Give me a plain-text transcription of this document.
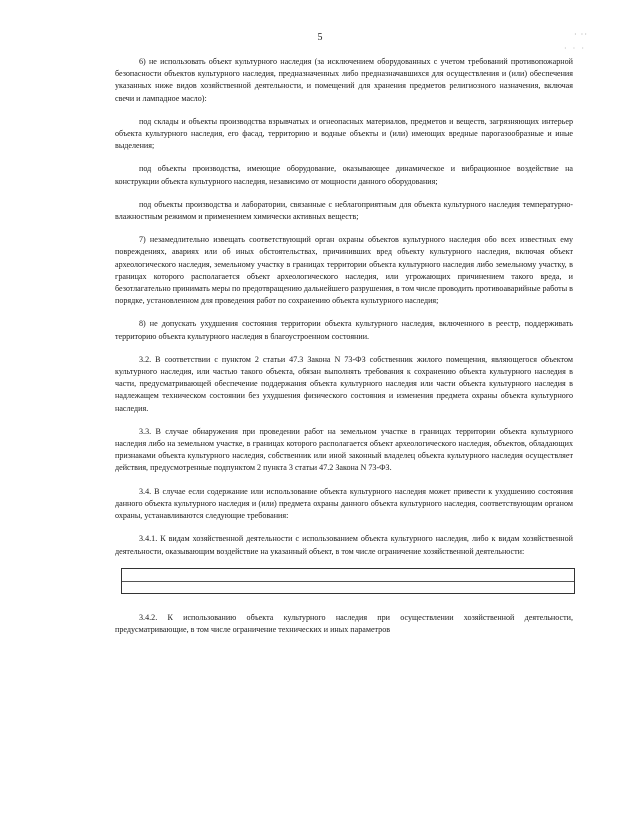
5	· ··
· · ·

6) не использовать объект культурного наследия (за исключением оборудованных с учетом требований противопожарной безопасности объектов культурного наследия, предназначенных либо предназначавшихся для осуществления и (или) обеспечения указанных ниже видов хозяйственной деятельности, и помещений для хранения предметов религиозного назначения, включая свечи и лампадное масло):

под склады и объекты производства взрывчатых и огнеопасных материалов, предметов и веществ, загрязняющих интерьер объекта культурного наследия, его фасад, территорию и водные объекты и (или) имеющих вредные парогазообразные и иные выделения;

под объекты производства, имеющие оборудование, оказывающее динамическое и вибрационное воздействие на конструкции объекта культурного наследия, независимо от мощности данного оборудования;

под объекты производства и лаборатории, связанные с неблагоприятным для объекта культурного наследия температурно-влажностным режимом и применением химически активных веществ;

7) незамедлительно извещать соответствующий орган охраны объектов культурного наследия обо всех известных ему повреждениях, авариях или об иных обстоятельствах, причинивших вред объекту культурного наследия, включая объект археологического наследия, земельному участку в границах территории объекта культурного наследия либо земельному участку, в границах которого располагается объект археологического наследия, или угрожающих причинением такого вреда, и безотлагательно принимать меры по предотвращению дальнейшего разрушения, в том числе проводить противоаварийные работы в порядке, установленном для проведения работ по сохранению объекта культурного наследия;

8) не допускать ухудшения состояния территории объекта культурного наследия, включенного в реестр, поддерживать территорию объекта культурного наследия в благоустроенном состоянии.

3.2. В соответствии с пунктом 2 статьи 47.3 Закона N 73-ФЗ собственник жилого помещения, являющегося объектом культурного наследия, или частью такого объекта, обязан выполнять требования к сохранению объекта культурного наследия в части, предусматривающей обеспечение поддержания объекта культурного наследия или части объекта культурного наследия в надлежащем техническом состоянии без ухудшения физического состояния и изменения предмета охраны объекта культурного наследия.

3.3. В случае обнаружения при проведении работ на земельном участке в границах территории объекта культурного наследия либо на земельном участке, в границах которого располагается объект археологического наследия, объектов, обладающих признаками объекта культурного наследия, собственник или иной законный владелец объекта культурного наследия осуществляет действия, предусмотренные подпунктом 2 пункта 3 статьи 47.2 Закона N 73-ФЗ.

3.4. В случае если содержание или использование объекта культурного наследия может привести к ухудшению состояния данного объекта культурного наследия и (или) предмета охраны данного объекта культурного наследия, соответствующим органом охраны, устанавливаются следующие требования:

3.4.1. К видам хозяйственной деятельности с использованием объекта культурного наследия, либо к видам хозяйственной деятельности, оказывающим воздействие на указанный объект, в том числе ограничение хозяйственной деятельности:

3.4.2. К использованию объекта культурного наследия при осуществлении хозяйственной деятельности, предусматривающие, в том числе ограничение технических и иных параметров
